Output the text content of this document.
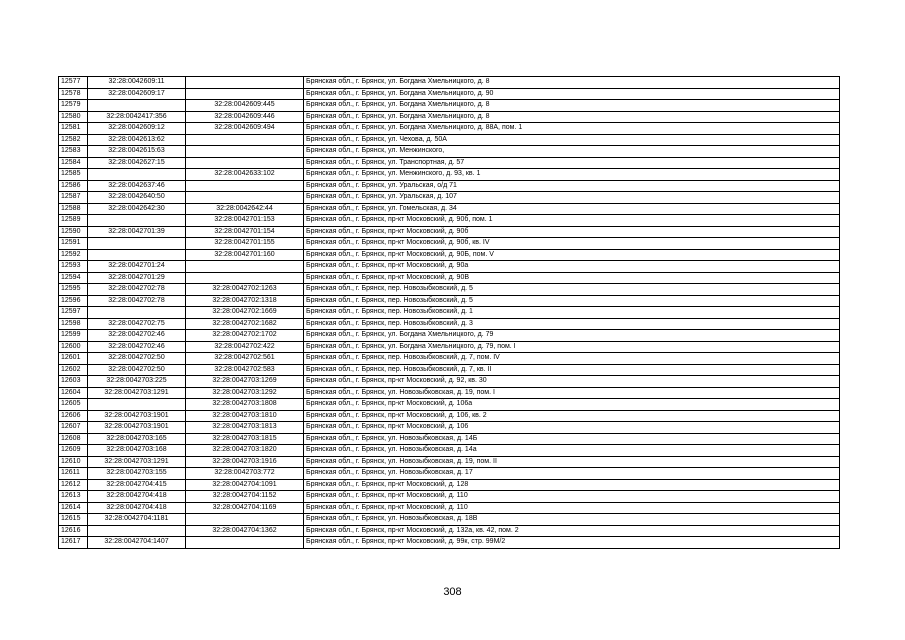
12577	32:28:0042609:11		Брянская обл., г. Брянск, ул. Богдана Хмельницкого, д. 8
12578	32:28:0042609:17		Брянская обл., г. Брянск, ул. Богдана Хмельницкого, д. 90
12579		32:28:0042609:445	Брянская обл., г. Брянск, ул. Богдана Хмельницкого, д. 8
12580	32:28:0042417:356	32:28:0042609:446	Брянская обл., г. Брянск, ул. Богдана Хмельницкого, д. 8
12581	32:28:0042609:12	32:28:0042609:494	Брянская обл., г. Брянск, ул. Богдана Хмельницкого, д. 88А, пом. 1
12582	32:28:0042613:62		Брянская обл., г. Брянск, ул. Чехова, д. 50А
12583	32:28:0042615:63		Брянская обл., г. Брянск, ул. Менжинского,
12584	32:28:0042627:15		Брянская обл., г. Брянск, ул. Транспортная, д. 57
12585		32:28:0042633:102	Брянская обл., г. Брянск, ул. Менжинского, д. 93, кв. 1
12586	32:28:0042637:46		Брянская обл., г. Брянск, ул. Уральская, о/д 71
12587	32:28:0042640:50		Брянская обл., г. Брянск, ул. Уральская, д. 107
12588	32:28:0042642:30	32:28:0042642:44	Брянская обл., г. Брянск, ул. Гомельская, д. 34
12589		32:28:0042701:153	Брянская обл., г. Брянск, пр-кт Московский, д. 90б, пом. 1
12590	32:28:0042701:39	32:28:0042701:154	Брянская обл., г. Брянск, пр-кт Московский, д. 90б
12591		32:28:0042701:155	Брянская обл., г. Брянск, пр-кт Московский, д. 90б, кв. IV
12592		32:28:0042701:160	Брянская обл., г. Брянск, пр-кт Московский, д. 90Б, пом. V
12593	32:28:0042701:24		Брянская обл., г. Брянск, пр-кт Московский, д. 90а
12594	32:28:0042701:29		Брянская обл., г. Брянск, пр-кт Московский, д. 90В
12595	32:28:0042702:78	32:28:0042702:1263	Брянская обл., г. Брянск, пер. Новозыбковский, д. 5
12596	32:28:0042702:78	32:28:0042702:1318	Брянская обл., г. Брянск, пер. Новозыбковский, д. 5
12597		32:28:0042702:1669	Брянская обл., г. Брянск, пер. Новозыбковский, д. 1
12598	32:28:0042702:75	32:28:0042702:1682	Брянская обл., г. Брянск, пер. Новозыбковский, д. 3
12599	32:28:0042702:46	32:28:0042702:1702	Брянская обл., г. Брянск, ул. Богдана Хмельницкого, д. 79
12600	32:28:0042702:46	32:28:0042702:422	Брянская обл., г. Брянск, ул. Богдана Хмельницкого, д. 79, пом. I
12601	32:28:0042702:50	32:28:0042702:561	Брянская обл., г. Брянск, пер. Новозыбковский, д. 7, пом. IV
12602	32:28:0042702:50	32:28:0042702:583	Брянская обл., г. Брянск, пер. Новозыбковский, д. 7, кв. II
12603	32:28:0042703:225	32:28:0042703:1269	Брянская обл., г. Брянск, пр-кт Московский, д. 92, кв. 30
12604	32:28:0042703:1291	32:28:0042703:1292	Брянская обл., г. Брянск, ул. Новозыбковская, д. 19, пом. I
12605		32:28:0042703:1808	Брянская обл., г. Брянск, пр-кт Московский, д. 106а
12606	32:28:0042703:1901	32:28:0042703:1810	Брянская обл., г. Брянск, пр-кт Московский, д. 106, кв. 2
12607	32:28:0042703:1901	32:28:0042703:1813	Брянская обл., г. Брянск, пр-кт Московский, д. 106
12608	32:28:0042703:165	32:28:0042703:1815	Брянская обл., г. Брянск, ул. Новозыбковская, д. 14Б
12609	32:28:0042703:168	32:28:0042703:1820	Брянская обл., г. Брянск, ул. Новозыбковская, д. 14а
12610	32:28:0042703:1291	32:28:0042703:1916	Брянская обл., г. Брянск, ул. Новозыбковская, д. 19, пом. II
12611	32:28:0042703:155	32:28:0042703:772	Брянская обл., г. Брянск, ул. Новозыбковская, д. 17
12612	32:28:0042704:415	32:28:0042704:1091	Брянская обл., г. Брянск, пр-кт Московский, д. 128
12613	32:28:0042704:418	32:28:0042704:1152	Брянская обл., г. Брянск, пр-кт Московский, д. 110
12614	32:28:0042704:418	32:28:0042704:1169	Брянская обл., г. Брянск, пр-кт Московский, д. 110
12615	32:28:0042704:1181		Брянская обл., г. Брянск, ул. Новозыбковская, д. 18В
12616		32:28:0042704:1362	Брянская обл., г. Брянск, пр-кт Московский, д. 132а, кв. 42, пом. 2
12617	32:28:0042704:1407		Брянская обл., г. Брянск, пр-кт Московский, д. 99к, стр. 99М/2
308
